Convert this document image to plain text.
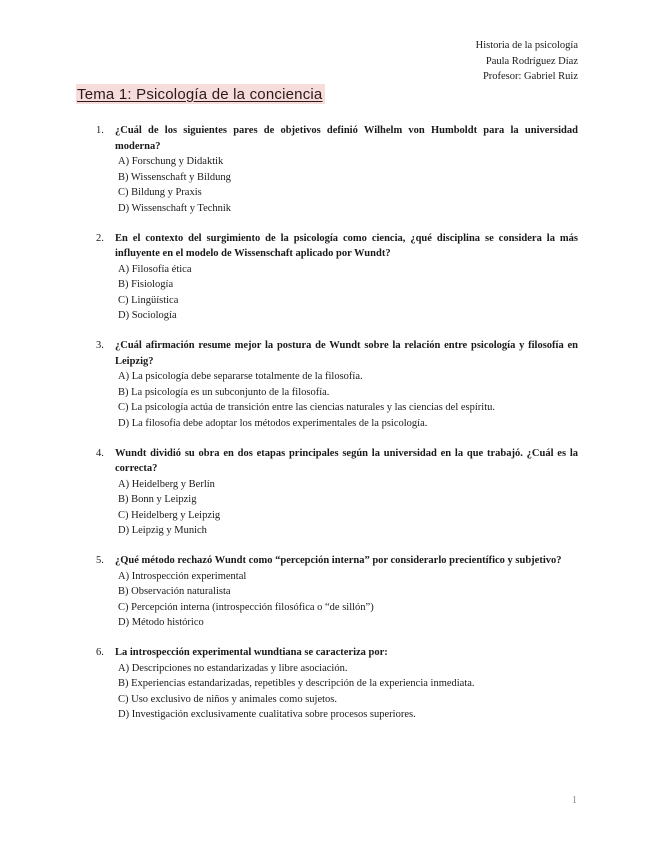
Historia de la psicología
Paula Rodríguez Díaz
Profesor: Gabriel Ruiz
Tema 1: Psicología de la conciencia
1.	¿Cuál de los siguientes pares de objetivos definió Wilhelm von Humboldt para la universidad moderna?
A) Forschung y Didaktik
B) Wissenschaft y Bildung
C) Bildung y Praxis
D) Wissenschaft y Technik
2.	En el contexto del surgimiento de la psicología como ciencia, ¿qué disciplina se considera la más influyente en el modelo de Wissenschaft aplicado por Wundt?
A) Filosofía ética
B) Fisiología
C) Lingüística
D) Sociología
3.	¿Cuál afirmación resume mejor la postura de Wundt sobre la relación entre psicología y filosofía en Leipzig?
A) La psicología debe separarse totalmente de la filosofía.
B) La psicología es un subconjunto de la filosofía.
C) La psicología actúa de transición entre las ciencias naturales y las ciencias del espíritu.
D) La filosofía debe adoptar los métodos experimentales de la psicología.
4.	Wundt dividió su obra en dos etapas principales según la universidad en la que trabajó. ¿Cuál es la correcta?
A) Heidelberg y Berlín
B) Bonn y Leipzig
C) Heidelberg y Leipzig
D) Leipzig y Munich
5.	¿Qué método rechazó Wundt como “percepción interna” por considerarlo precientífico y subjetivo?
A) Introspección experimental
B) Observación naturalista
C) Percepción interna (introspección filosófica o “de sillón”)
D) Método histórico
6.	La introspección experimental wundtiana se caracteriza por:
A) Descripciones no estandarizadas y libre asociación.
B) Experiencias estandarizadas, repetibles y descripción de la experiencia inmediata.
C) Uso exclusivo de niños y animales como sujetos.
D) Investigación exclusivamente cualitativa sobre procesos superiores.
1
